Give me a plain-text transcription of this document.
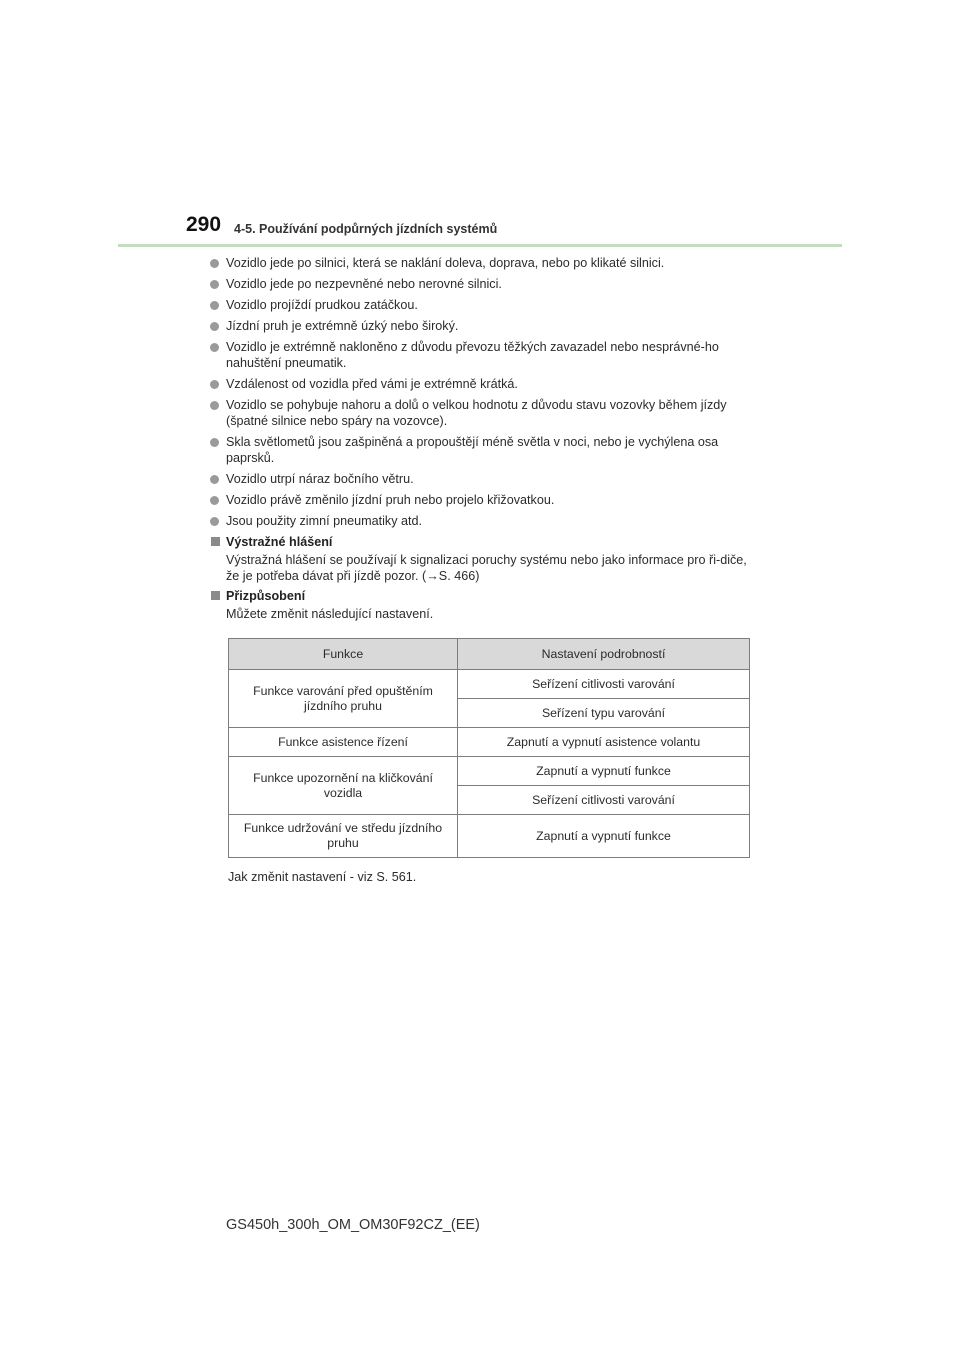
290 4-5. Používání podpůrných jízdních systémů
Vozidlo jede po silnici, která se naklání doleva, doprava, nebo po klikaté silnici.
Vozidlo jede po nezpevněné nebo nerovné silnici.
Vozidlo projíždí prudkou zatáčkou.
Jízdní pruh je extrémně úzký nebo široký.
Vozidlo je extrémně nakloněno z důvodu převozu těžkých zavazadel nebo nesprávné-ho nahuštění pneumatik.
Vzdálenost od vozidla před vámi je extrémně krátká.
Vozidlo se pohybuje nahoru a dolů o velkou hodnotu z důvodu stavu vozovky během jízdy (špatné silnice nebo spáry na vozovce).
Skla světlometů jsou zašpiněná a propouštějí méně světla v noci, nebo je vychýlena osa paprsků.
Vozidlo utrpí náraz bočního větru.
Vozidlo právě změnilo jízdní pruh nebo projelo křižovatkou.
Jsou použity zimní pneumatiky atd.
Výstražné hlášení
Výstražná hlášení se používají k signalizaci poruchy systému nebo jako informace pro ři-diče, že je potřeba dávat při jízdě pozor. (→S. 466)
Přizpůsobení
Můžete změnit následující nastavení.
Funkce	Nastavení podrobností
Funkce varování před opuštěním jízdního pruhu	Seřízení citlivosti varování
	Seřízení typu varování
Funkce asistence řízení	Zapnutí a vypnutí asistence volantu
Funkce upozornění na kličkování vozidla	Zapnutí a vypnutí funkce
	Seřízení citlivosti varování
Funkce udržování ve středu jízdního pruhu	Zapnutí a vypnutí funkce
Jak změnit nastavení - viz S. 561.
GS450h_300h_OM_OM30F92CZ_(EE)
